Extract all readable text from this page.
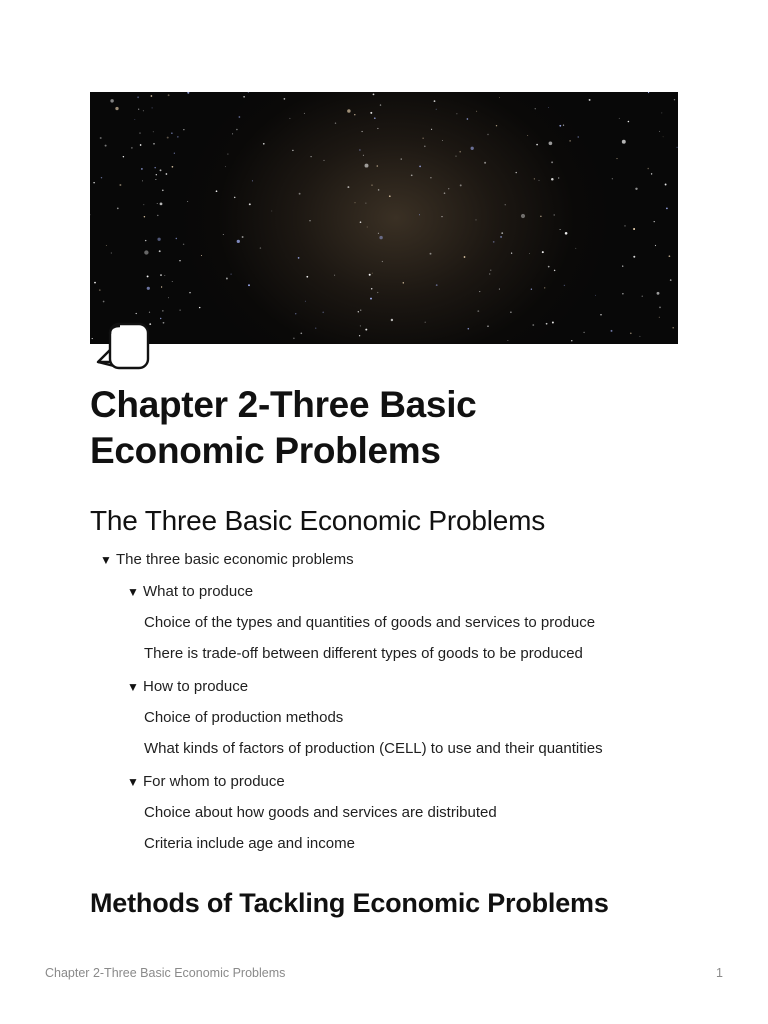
Chapter 2-Three Basic Economic Problems
The Three Basic Economic Problems
▼ The three basic economic problems
▼ What to produce
Choice of the types and quantities of goods and services to produce
There is trade-off between different types of goods to be produced
▼ How to produce
Choice of production methods
What kinds of factors of production (CELL) to use and their quantities
▼ For whom to produce
Choice about how goods and services are distributed
Criteria include age and income
Methods of Tackling Economic Problems
Chapter 2-Three Basic Economic Problems	1
